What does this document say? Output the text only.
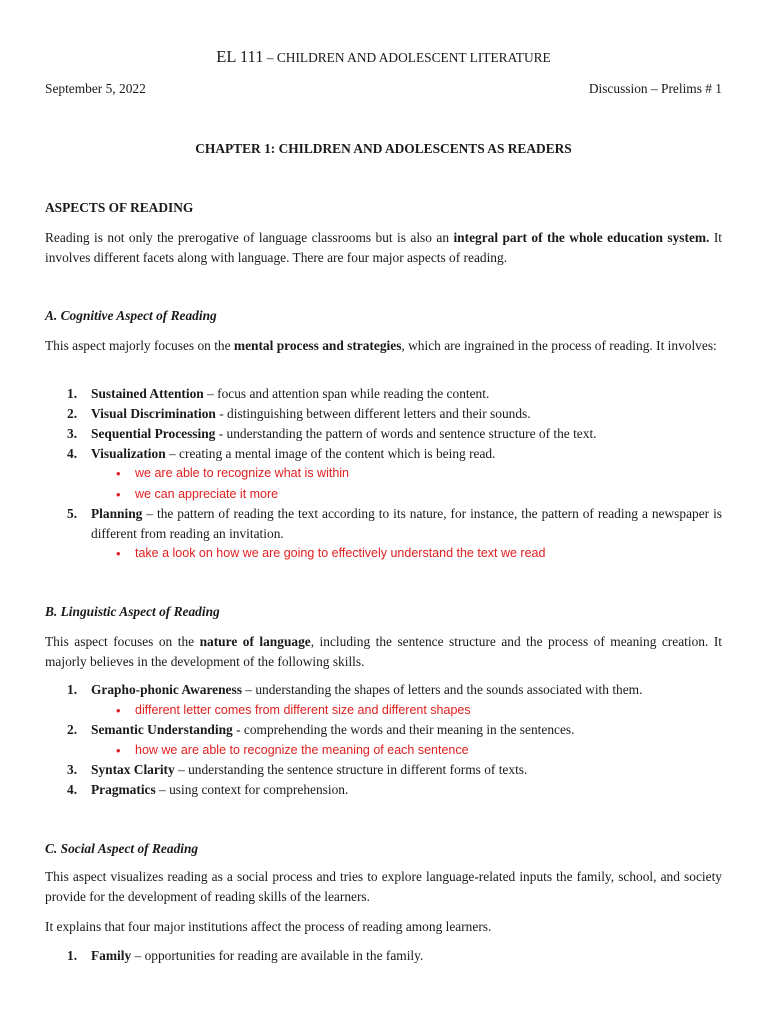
EL 111 – CHILDREN AND ADOLESCENT LITERATURE
September 5, 2022	Discussion – Prelims # 1
CHAPTER 1: CHILDREN AND ADOLESCENTS AS READERS
ASPECTS OF READING
Reading is not only the prerogative of language classrooms but is also an integral part of the whole education system. It involves different facets along with language. There are four major aspects of reading.
A. Cognitive Aspect of Reading
This aspect majorly focuses on the mental process and strategies, which are ingrained in the process of reading. It involves:
1. Sustained Attention – focus and attention span while reading the content.
2. Visual Discrimination - distinguishing between different letters and their sounds.
3. Sequential Processing - understanding the pattern of words and sentence structure of the text.
4. Visualization – creating a mental image of the content which is being read.
• we are able to recognize what is within
• we can appreciate it more
5. Planning – the pattern of reading the text according to its nature, for instance, the pattern of reading a newspaper is different from reading an invitation.
• take a look on how we are going to effectively understand the text we read
B. Linguistic Aspect of Reading
This aspect focuses on the nature of language, including the sentence structure and the process of meaning creation. It majorly believes in the development of the following skills.
1. Grapho-phonic Awareness – understanding the shapes of letters and the sounds associated with them.
• different letter comes from different size and different shapes
2. Semantic Understanding - comprehending the words and their meaning in the sentences.
• how we are able to recognize the meaning of each sentence
3. Syntax Clarity – understanding the sentence structure in different forms of texts.
4. Pragmatics – using context for comprehension.
C. Social Aspect of Reading
This aspect visualizes reading as a social process and tries to explore language-related inputs the family, school, and society provide for the development of reading skills of the learners.
It explains that four major institutions affect the process of reading among learners.
1. Family – opportunities for reading are available in the family.
